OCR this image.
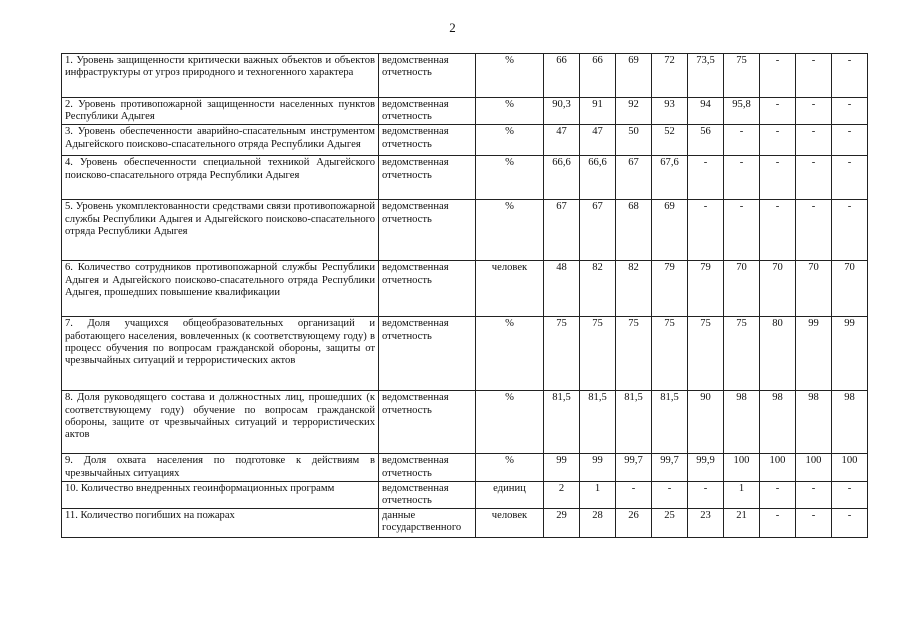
2
1. Уровень защищенности критически важных объектов и объектов инфраструктуры от угроз природного и техногенного характера	ведомственная отчетность	%	66	66	69	72	73,5	75	-	-	-
2. Уровень противопожарной защищенности населенных пунктов Республики Адыгея	ведомственная отчетность	%	90,3	91	92	93	94	95,8	-	-	-
3. Уровень обеспеченности аварийно-спасательным инструментом Адыгейского поисково-спасательного отряда Республики Адыгея	ведомственная отчетность	%	47	47	50	52	56	-	-	-	-
4. Уровень обеспеченности специальной техникой Адыгейского поисково-спасательного отряда Республики Адыгея	ведомственная отчетность	%	66,6	66,6	67	67,6	-	-	-	-	-
5. Уровень укомплектованности средствами связи противопожарной службы Республики Адыгея и Адыгейского поисково-спасательного отряда Республики Адыгея	ведомственная отчетность	%	67	67	68	69	-	-	-	-	-
6. Количество сотрудников противопожарной службы Республики Адыгея и Адыгейского поисково-спасательного отряда Республики Адыгея, прошедших повышение квалификации	ведомственная отчетность	человек	48	82	82	79	79	70	70	70	70
7. Доля учащихся общеобразовательных организаций и работающего населения, вовлеченных (к соответствующему году) в процесс обучения по вопросам гражданской обороны, защиты от чрезвычайных ситуаций и террористических актов	ведомственная отчетность	%	75	75	75	75	75	75	80	99	99
8. Доля руководящего состава и должностных лиц, прошедших (к соответствующему году) обучение по вопросам гражданской обороны, защите от чрезвычайных ситуаций и террористических актов	ведомственная отчетность	%	81,5	81,5	81,5	81,5	90	98	98	98	98
9. Доля охвата населения по подготовке к действиям в чрезвычайных ситуациях	ведомственная отчетность	%	99	99	99,7	99,7	99,9	100	100	100	100
10. Количество внедренных геоинформационных программ	ведомственная отчетность	единиц	2	1	-	-	-	1	-	-	-
11. Количество погибших на пожарах	данные государственного	человек	29	28	26	25	23	21	-	-	-
